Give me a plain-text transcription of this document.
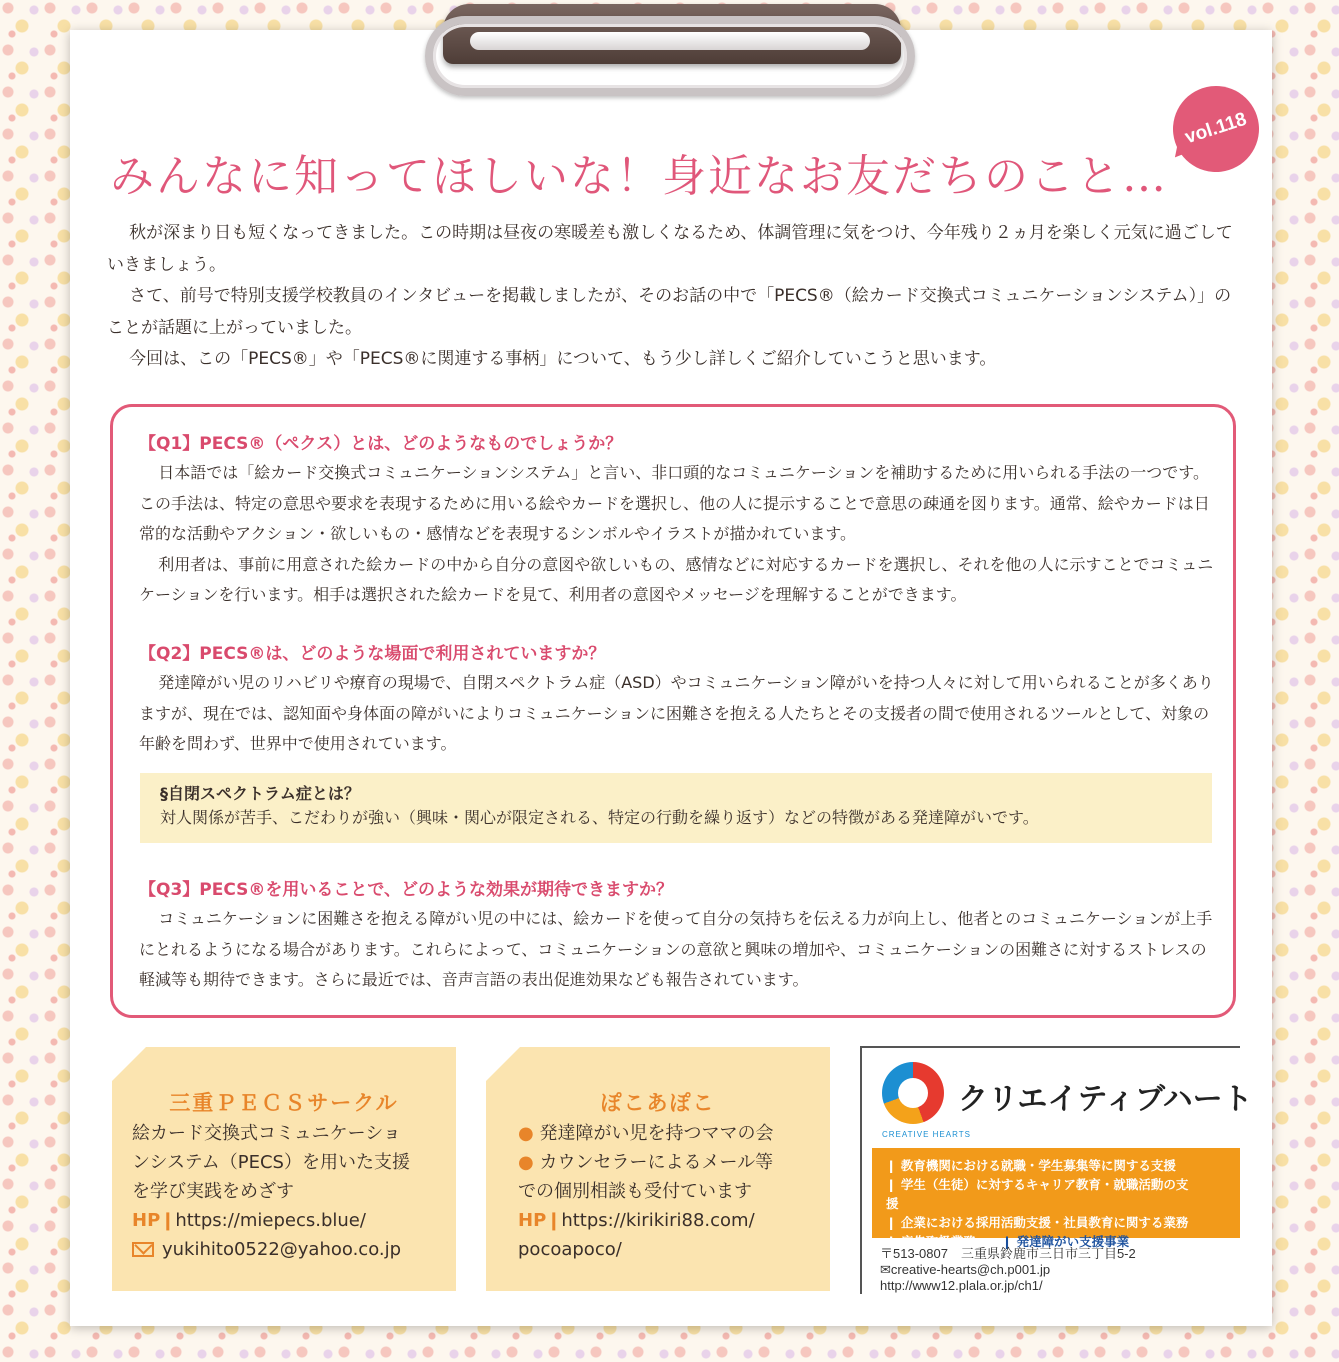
vol.118
みんなに知ってほしいな！身近なお友だちのこと…

秋が深まり日も短くなってきました。この時期は昼夜の寒暖差も激しくなるため、体調管理に気をつけ、今年残り２ヵ月を楽しく元気に過ごしていきましょう。

さて、前号で特別支援学校教員のインタビューを掲載しましたが、そのお話の中で「PECS®（絵カード交換式コミュニケーションシステム）」のことが話題に上がっていました。

今回は、この「PECS®」や「PECS®に関連する事柄」について、もう少し詳しくご紹介していこうと思います。

【Q1】PECS®（ペクス）とは、どのようなものでしょうか？

日本語では「絵カード交換式コミュニケーションシステム」と言い、非口頭的なコミュニケーションを補助するために用いられる手法の一つです。この手法は、特定の意思や要求を表現するために用いる絵やカードを選択し、他の人に提示することで意思の疎通を図ります。通常、絵やカードは日常的な活動やアクション・欲しいもの・感情などを表現するシンボルやイラストが描かれています。

利用者は、事前に用意された絵カードの中から自分の意図や欲しいもの、感情などに対応するカードを選択し、それを他の人に示すことでコミュニケーションを行います。相手は選択された絵カードを見て、利用者の意図やメッセージを理解することができます。

【Q2】PECS®は、どのような場面で利用されていますか？

発達障がい児のリハビリや療育の現場で、自閉スペクトラム症（ASD）やコミュニケーション障がいを持つ人々に対して用いられることが多くありますが、現在では、認知面や身体面の障がいによりコミュニケーションに困難さを抱える人たちとその支援者の間で使用されるツールとして、対象の年齢を問わず、世界中で使用されています。

§自閉スペクトラム症とは？

対人関係が苦手、こだわりが強い（興味・関心が限定される、特定の行動を繰り返す）などの特徴がある発達障がいです。

【Q3】PECS®を用いることで、どのような効果が期待できますか？

コミュニケーションに困難さを抱える障がい児の中には、絵カードを使って自分の気持ちを伝える力が向上し、他者とのコミュニケーションが上手にとれるようになる場合があります。これらによって、コミュニケーションの意欲と興味の増加や、コミュニケーションの困難さに対するストレスの軽減等も期待できます。さらに最近では、音声言語の表出促進効果なども報告されています。

三重ＰＥＣＳサークル
絵カード交換式コミュニケーショ
ンシステム（PECS）を用いた支援
を学び実践をめざす
HP❙https://miepecs.blue/
yukihito0522@yahoo.co.jp
ぽこあぽこ
● 発達障がい児を持つママの会
● カウンセラーによるメール等
での個別相談も受付ています
HP❙https://kirikiri88.com/
pocoapoco/
クリエイティブハート
CREATIVE HEARTS
❙ 教育機関における就職・学生募集等に関する支援
❙ 学生（生徒）に対するキャリア教育・就職活動の支援
❙ 企業における採用活動支援・社員教育に関する業務
❙ 広告取扱業務❙	発達障がい支援事業
〒513-0807　三重県鈴鹿市三日市三丁目5-2
✉creative-hearts@ch.p001.jp
http://www12.plala.or.jp/ch1/
